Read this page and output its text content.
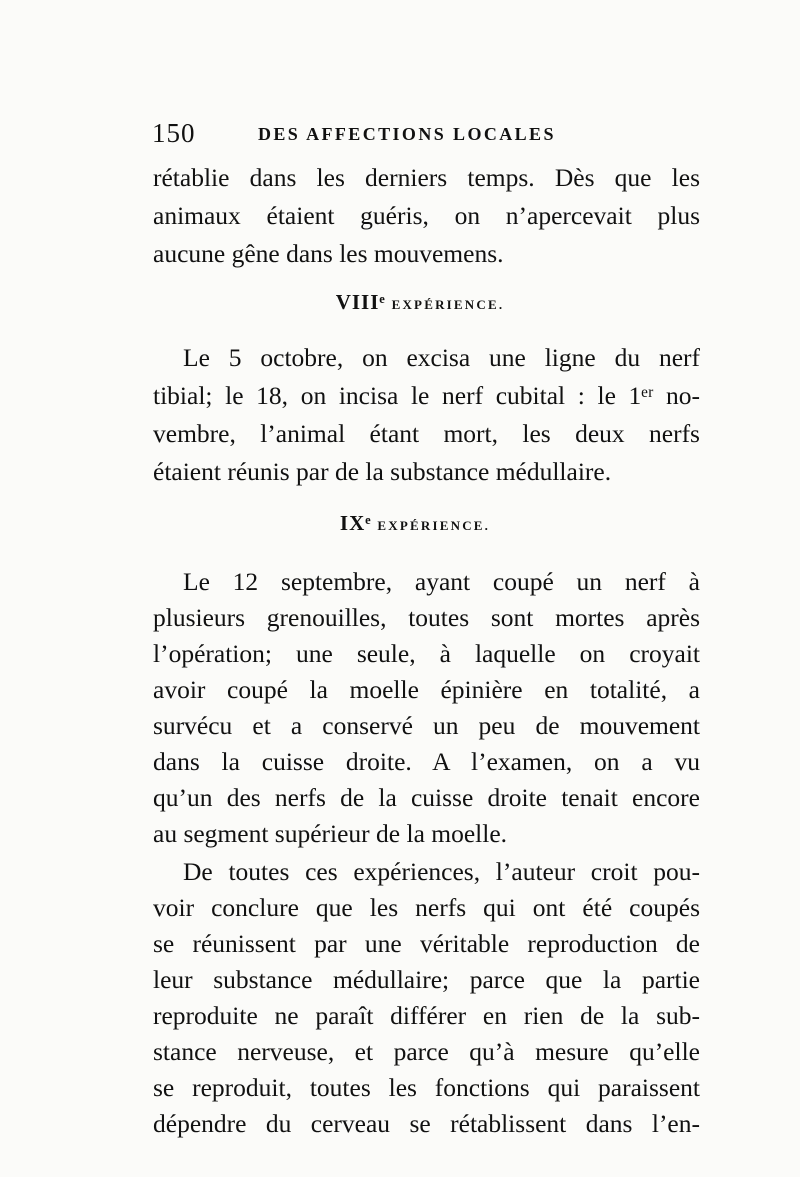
150	DES AFFECTIONS LOCALES
rétablie dans les derniers temps. Dès que les
animaux étaient guéris, on n’apercevait plus
aucune gêne dans les mouvemens.
VIIIᵉ EXPÉRIENCE.
Le 5 octobre, on excisa une ligne du nerf
tibial; le 18, on incisa le nerf cubital : le 1ᵉʳ no-
vembre, l’animal étant mort, les deux nerfs
étaient réunis par de la substance médullaire.
IXᵉ EXPÉRIENCE.
Le 12 septembre, ayant coupé un nerf à
plusieurs grenouilles, toutes sont mortes après
l’opération; une seule, à laquelle on croyait
avoir coupé la moelle épinière en totalité, a
survécu et a conservé un peu de mouvement
dans la cuisse droite. A l’examen, on a vu
qu’un des nerfs de la cuisse droite tenait encore
au segment supérieur de la moelle.
De toutes ces expériences, l’auteur croit pou-
voir conclure que les nerfs qui ont été coupés
se réunissent par une véritable reproduction de
leur substance médullaire; parce que la partie
reproduite ne paraît différer en rien de la sub-
stance nerveuse, et parce qu’à mesure qu’elle
se reproduit, toutes les fonctions qui paraissent
dépendre du cerveau se rétablissent dans l’en-
